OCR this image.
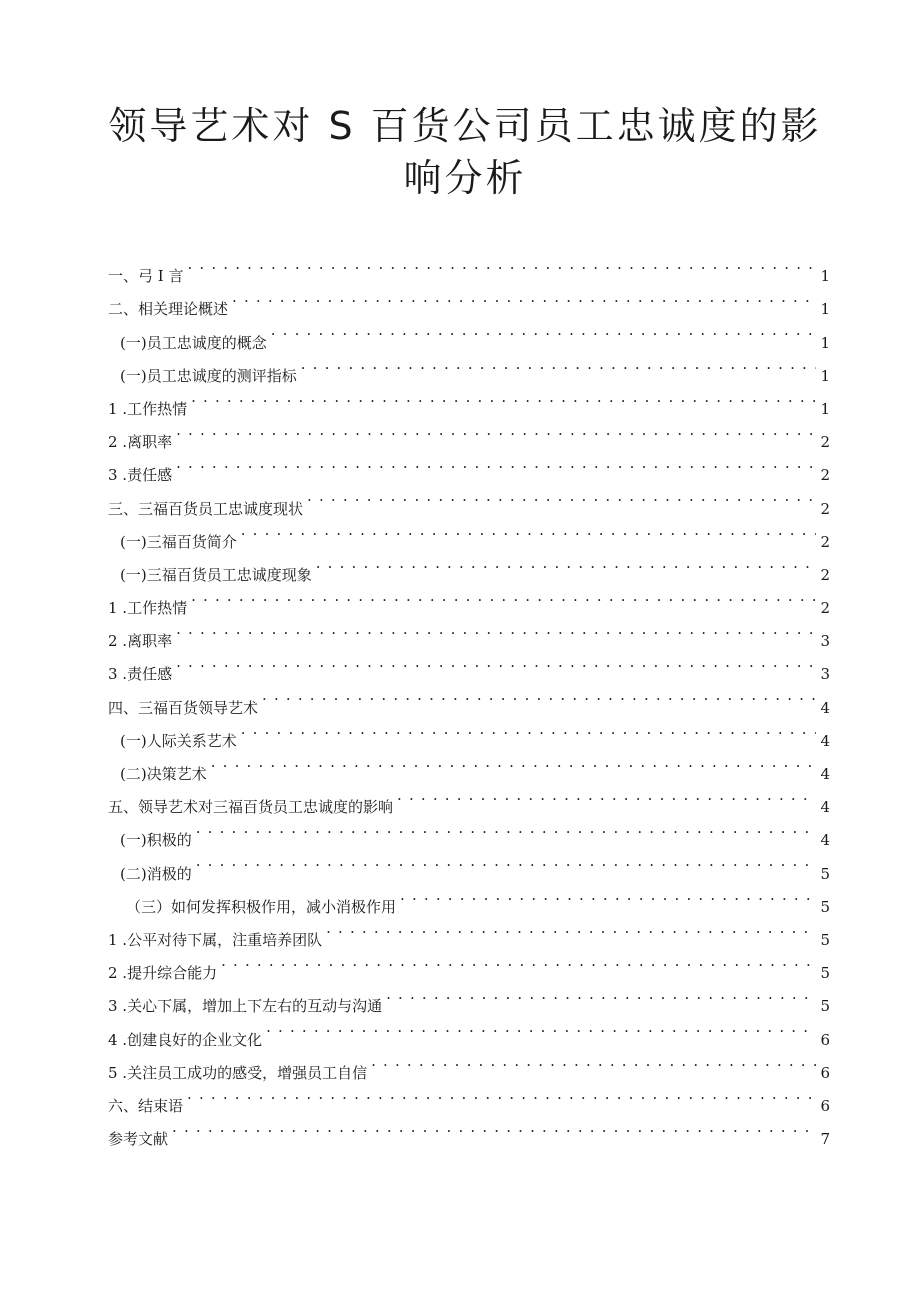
领导艺术对 S 百货公司员工忠诚度的影响分析
一、弓 I 言 . . .	1
二、相关理论概述 . . .	1
(一)员工忠诚度的概念 . . .	1
(一)员工忠诚度的测评指标 . . .	1
1 .工作热情 . . .	1
2 .离职率 . . .	2
3 .责任感 . . .	2
三、三福百货员工忠诚度现状 . . .	2
(一)三福百货简介 . . .	2
(一)三福百货员工忠诚度现象 . . .	2
1 .工作热情 . . .	2
2 .离职率 . . .	3
3 .责任感 . . .	3
四、三福百货领导艺术 . . .	4
(一)人际关系艺术 . . .	4
(二)决策艺术 . . .	4
五、领导艺术对三福百货员工忠诚度的影响 . . .	4
(一)积极的 . . .	4
(二)消极的 . . .	5
（三）如何发挥积极作用，减小消极作用 . . .	5
1 .公平对待下属，注重培养团队 . . .	5
2 .提升综合能力 . . .	5
3 .关心下属，增加上下左右的互动与沟通 . . .	5
4 .创建良好的企业文化 . . .	6
5 .关注员工成功的感受，增强员工自信 . . .	6
六、结束语 . . .	6
参考文献 . . .	7
